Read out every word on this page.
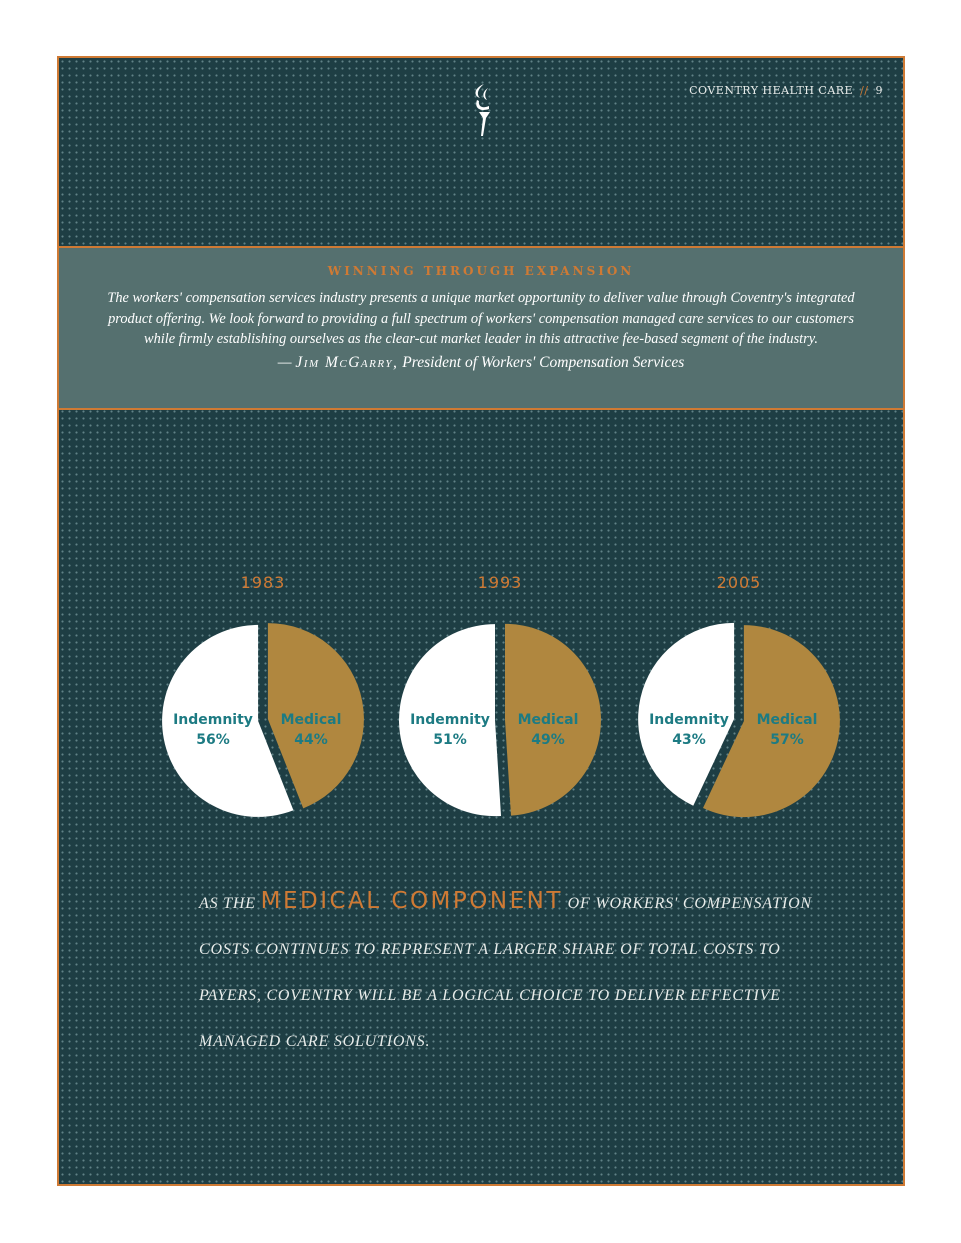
COVENTRY HEALTH CARE // 9
WINNING THROUGH EXPANSION
The workers' compensation services industry presents a unique market opportunity to deliver value through Coventry's integrated product offering. We look forward to providing a full spectrum of workers' compensation managed care services to our customers while firmly establishing ourselves as the clear-cut market leader in this attractive fee-based segment of the industry.
— Jim McGarry, President of Workers' Compensation Services
1983
Indemnity
56%
Medical
44%
1993
Indemnity
51%
Medical
49%
2005
Indemnity
43%
Medical
57%
AS THE MEDICAL COMPONENT OF WORKERS' COMPENSATION COSTS CONTINUES TO REPRESENT A LARGER SHARE OF TOTAL COSTS TO PAYERS, COVENTRY WILL BE A LOGICAL CHOICE TO DELIVER EFFECTIVE MANAGED CARE SOLUTIONS.
